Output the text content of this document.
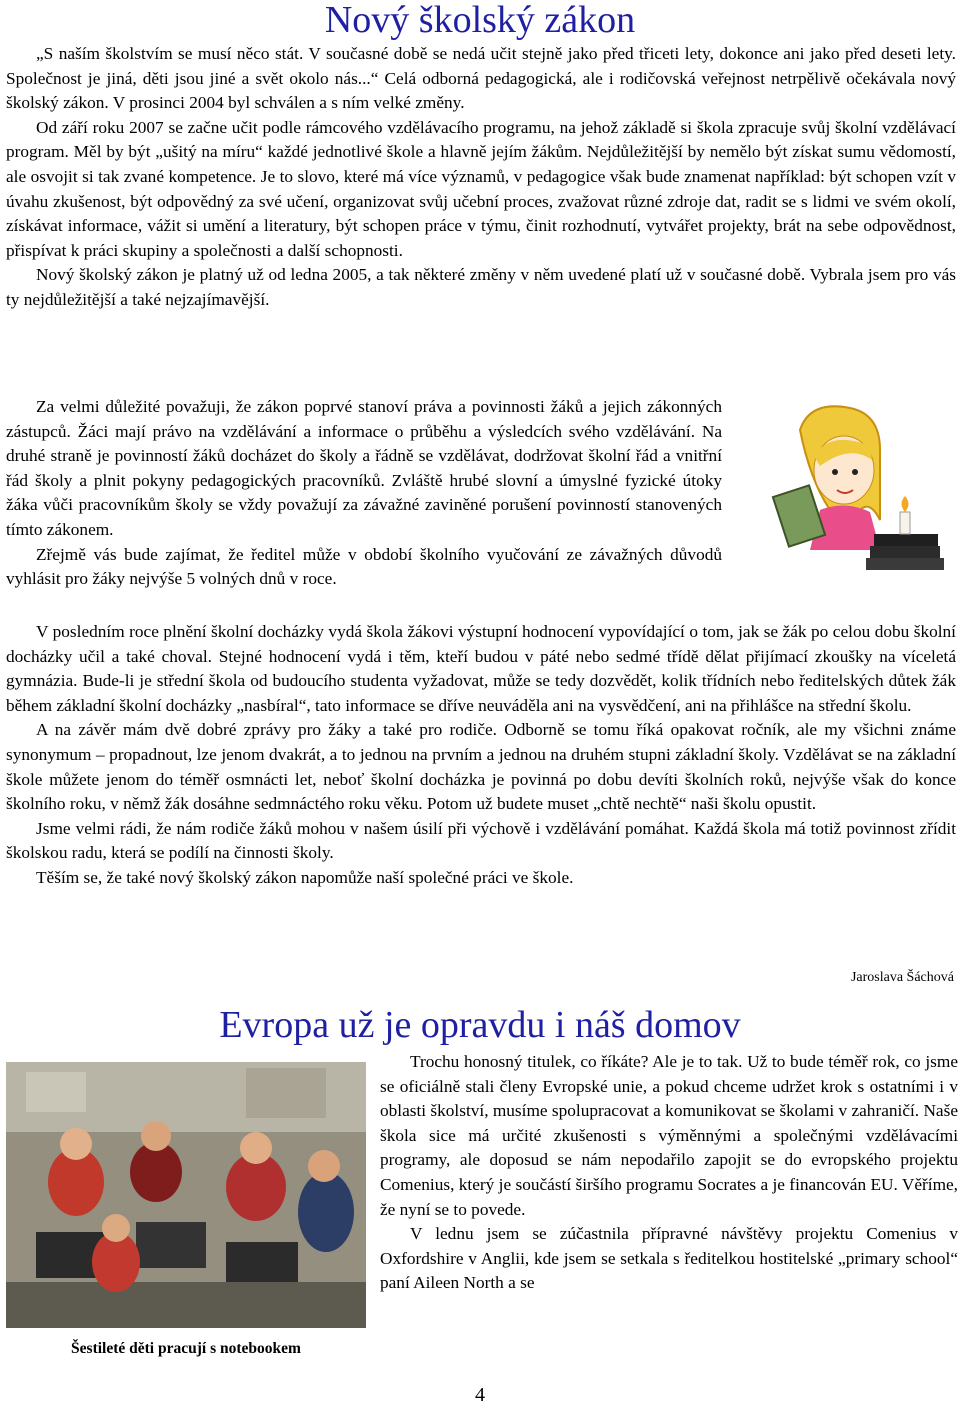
Nový školský zákon

„S naším školstvím se musí něco stát. V současné době se nedá učit stejně jako před třiceti lety, dokonce ani jako před deseti lety. Společnost je jiná, děti jsou jiné a svět okolo nás...“ Celá odborná pedagogická, ale i rodičovská veřejnost netrpělivě očekávala nový školský zákon. V prosinci 2004 byl schválen a s ním velké změny.

Od září roku 2007 se začne učit podle rámcového vzdělávacího programu, na jehož základě si škola zpracuje svůj školní vzdělávací program. Měl by být „ušitý na míru“ každé jednotlivé škole a hlavně jejím žákům. Nejdůležitější by nemělo být získat sumu vědomostí, ale osvojit si tak zvané kompetence. Je to slovo, které má více významů, v pedagogice však bude znamenat například: být schopen vzít v úvahu zkušenost, být odpovědný za své učení, organizovat svůj učební proces, zvažovat různé zdroje dat, radit se s lidmi ve svém okolí, získávat informace, vážit si umění a literatury, být schopen práce v týmu, činit rozhodnutí, vytvářet projekty, brát na sebe odpovědnost, přispívat k práci skupiny a společnosti a další schopnosti.

Nový školský zákon je platný už od ledna 2005, a tak některé změny v něm uvedené platí už v současné době. Vybrala jsem pro vás ty nejdůležitější a také nejzajímavější.

Za velmi důležité považuji, že zákon poprvé stanoví práva a povinnosti žáků a jejich zákonných zástupců. Žáci mají právo na vzdělávání a informace o průběhu a výsledcích svého vzdělávání. Na druhé straně je povinností žáků docházet do školy a řádně se vzdělávat, dodržovat školní řád a vnitřní řád školy a plnit pokyny pedagogických pracovníků. Zvláště hrubé slovní a úmyslné fyzické útoky žáka vůči pracovníkům školy se vždy považují za závažné zaviněné porušení povinností stanovených tímto zákonem.

Zřejmě vás bude zajímat, že ředitel může v období školního vyučování ze závažných důvodů vyhlásit pro žáky nejvýše 5 volných dnů v roce.

V posledním roce plnění školní docházky vydá škola žákovi výstupní hodnocení vypovídající o tom, jak se žák po celou dobu školní docházky učil a také choval. Stejné hodnocení vydá i těm, kteří budou v páté nebo sedmé třídě dělat přijímací zkoušky na víceletá gymnázia. Bude-li je střední škola od budoucího studenta vyžadovat, může se tedy dozvědět, kolik třídních nebo ředitelských důtek žák během základní školní docházky „nasbíral“, tato informace se dříve neuváděla ani na vysvědčení, ani na přihlášce na střední školu.

A na závěr mám dvě dobré zprávy pro žáky a také pro rodiče. Odborně se tomu říká opakovat ročník, ale my všichni známe synonymum – propadnout, lze jenom dvakrát, a to jednou na prvním a jednou na druhém stupni základní školy. Vzdělávat se na základní škole můžete jenom do téměř osmnácti let, neboť školní docházka je povinná po dobu devíti školních roků, nejvýše však do konce školního roku, v němž žák dosáhne sedmnáctého roku věku. Potom už budete muset „chtě nechtě“ naši školu opustit.

Jsme velmi rádi, že nám rodiče žáků mohou v našem úsilí při výchově i vzdělávání pomáhat. Každá škola má totiž povinnost zřídit školskou radu, která se podílí na činnosti školy.

Těším se, že také nový školský zákon napomůže naší společné práci ve škole.

Jaroslava Šáchová
Evropa už je opravdu i náš domov
Šestileté děti pracují s notebookem

Trochu honosný titulek, co říkáte? Ale je to tak. Už to bude téměř rok, co jsme se oficiálně stali členy Evropské unie, a pokud chceme udržet krok s ostatními i v oblasti školství, musíme spolupracovat a komunikovat se školami v zahraničí. Naše škola sice má určité zkušenosti s výměnnými a společnými vzdělávacími programy, ale doposud se nám nepodařilo zapojit se do evropského projektu Comenius, který je součástí širšího programu Socrates a je financován EU. Věříme, že nyní se to povede.

V lednu jsem se zúčastnila přípravné návštěvy projektu Comenius v Oxfordshire v Anglii, kde jsem se setkala s ředitelkou hostitelské „primary school“ paní Aileen North a se

4
